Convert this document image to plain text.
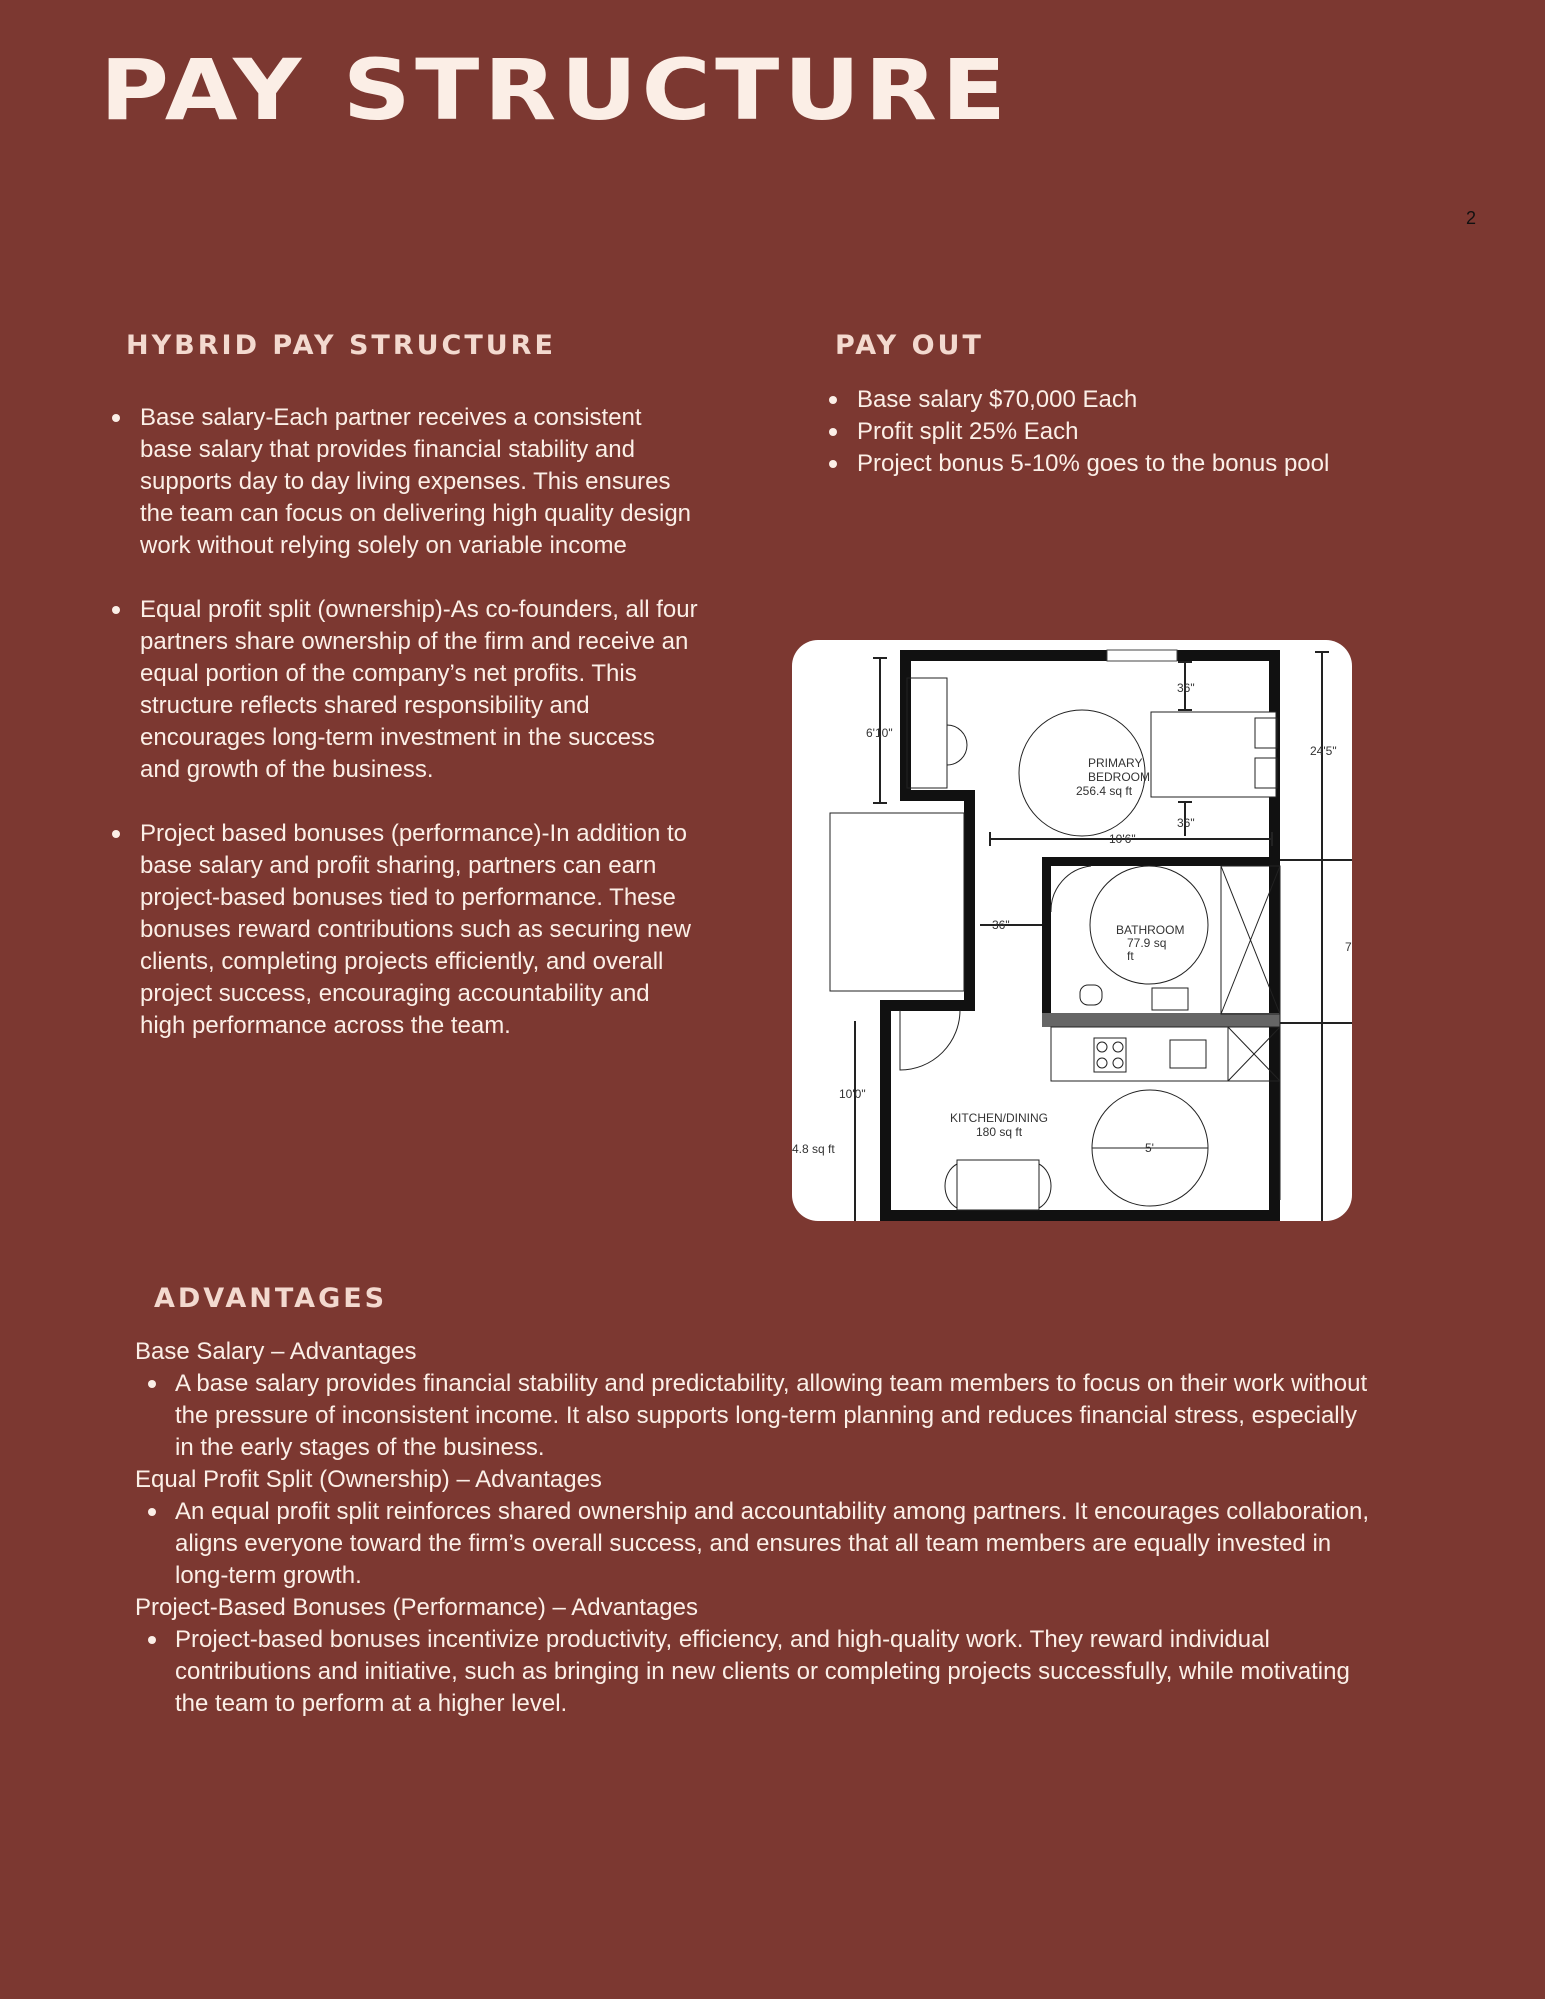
PAY STRUCTURE
2
HYBRID PAY STRUCTURE
Base salary-Each partner receives a consistent base salary that provides financial stability and supports day to day living expenses. This ensures the team can focus on delivering high quality design work without relying solely on variable income
Equal profit split (ownership)-As co-founders, all four partners share ownership of the firm and receive an equal portion of the company’s net profits. This structure reflects shared responsibility and encourages long-term investment in the success and growth of the business.
Project based bonuses (performance)-In addition to base salary and profit sharing, partners can earn project-based bonuses tied to performance. These bonuses reward contributions such as securing new clients, completing projects efficiently, and overall project success, encouraging accountability and high performance across the team.
PAY OUT
Base salary $70,000 Each
Profit split 25% Each
Project bonus 5-10% goes to the bonus pool
36"
36"
36"
6'10"
24'5"
10'6"
10'0"
5'
7
PRIMARY
BEDROOM
256.4 sq ft
BATHROOM
77.9 sq
ft
KITCHEN/DINING
180 sq ft
4.8 sq ft
ADVANTAGES
Base Salary – Advantages
A base salary provides financial stability and predictability, allowing team members to focus on their work without the pressure of inconsistent income. It also supports long-term planning and reduces financial stress, especially in the early stages of the business.
Equal Profit Split (Ownership) – Advantages
An equal profit split reinforces shared ownership and accountability among partners. It encourages collaboration, aligns everyone toward the firm’s overall success, and ensures that all team members are equally invested in long-term growth.
Project-Based Bonuses (Performance) – Advantages
Project-based bonuses incentivize productivity, efficiency, and high-quality work. They reward individual contributions and initiative, such as bringing in new clients or completing projects successfully, while motivating the team to perform at a higher level.
